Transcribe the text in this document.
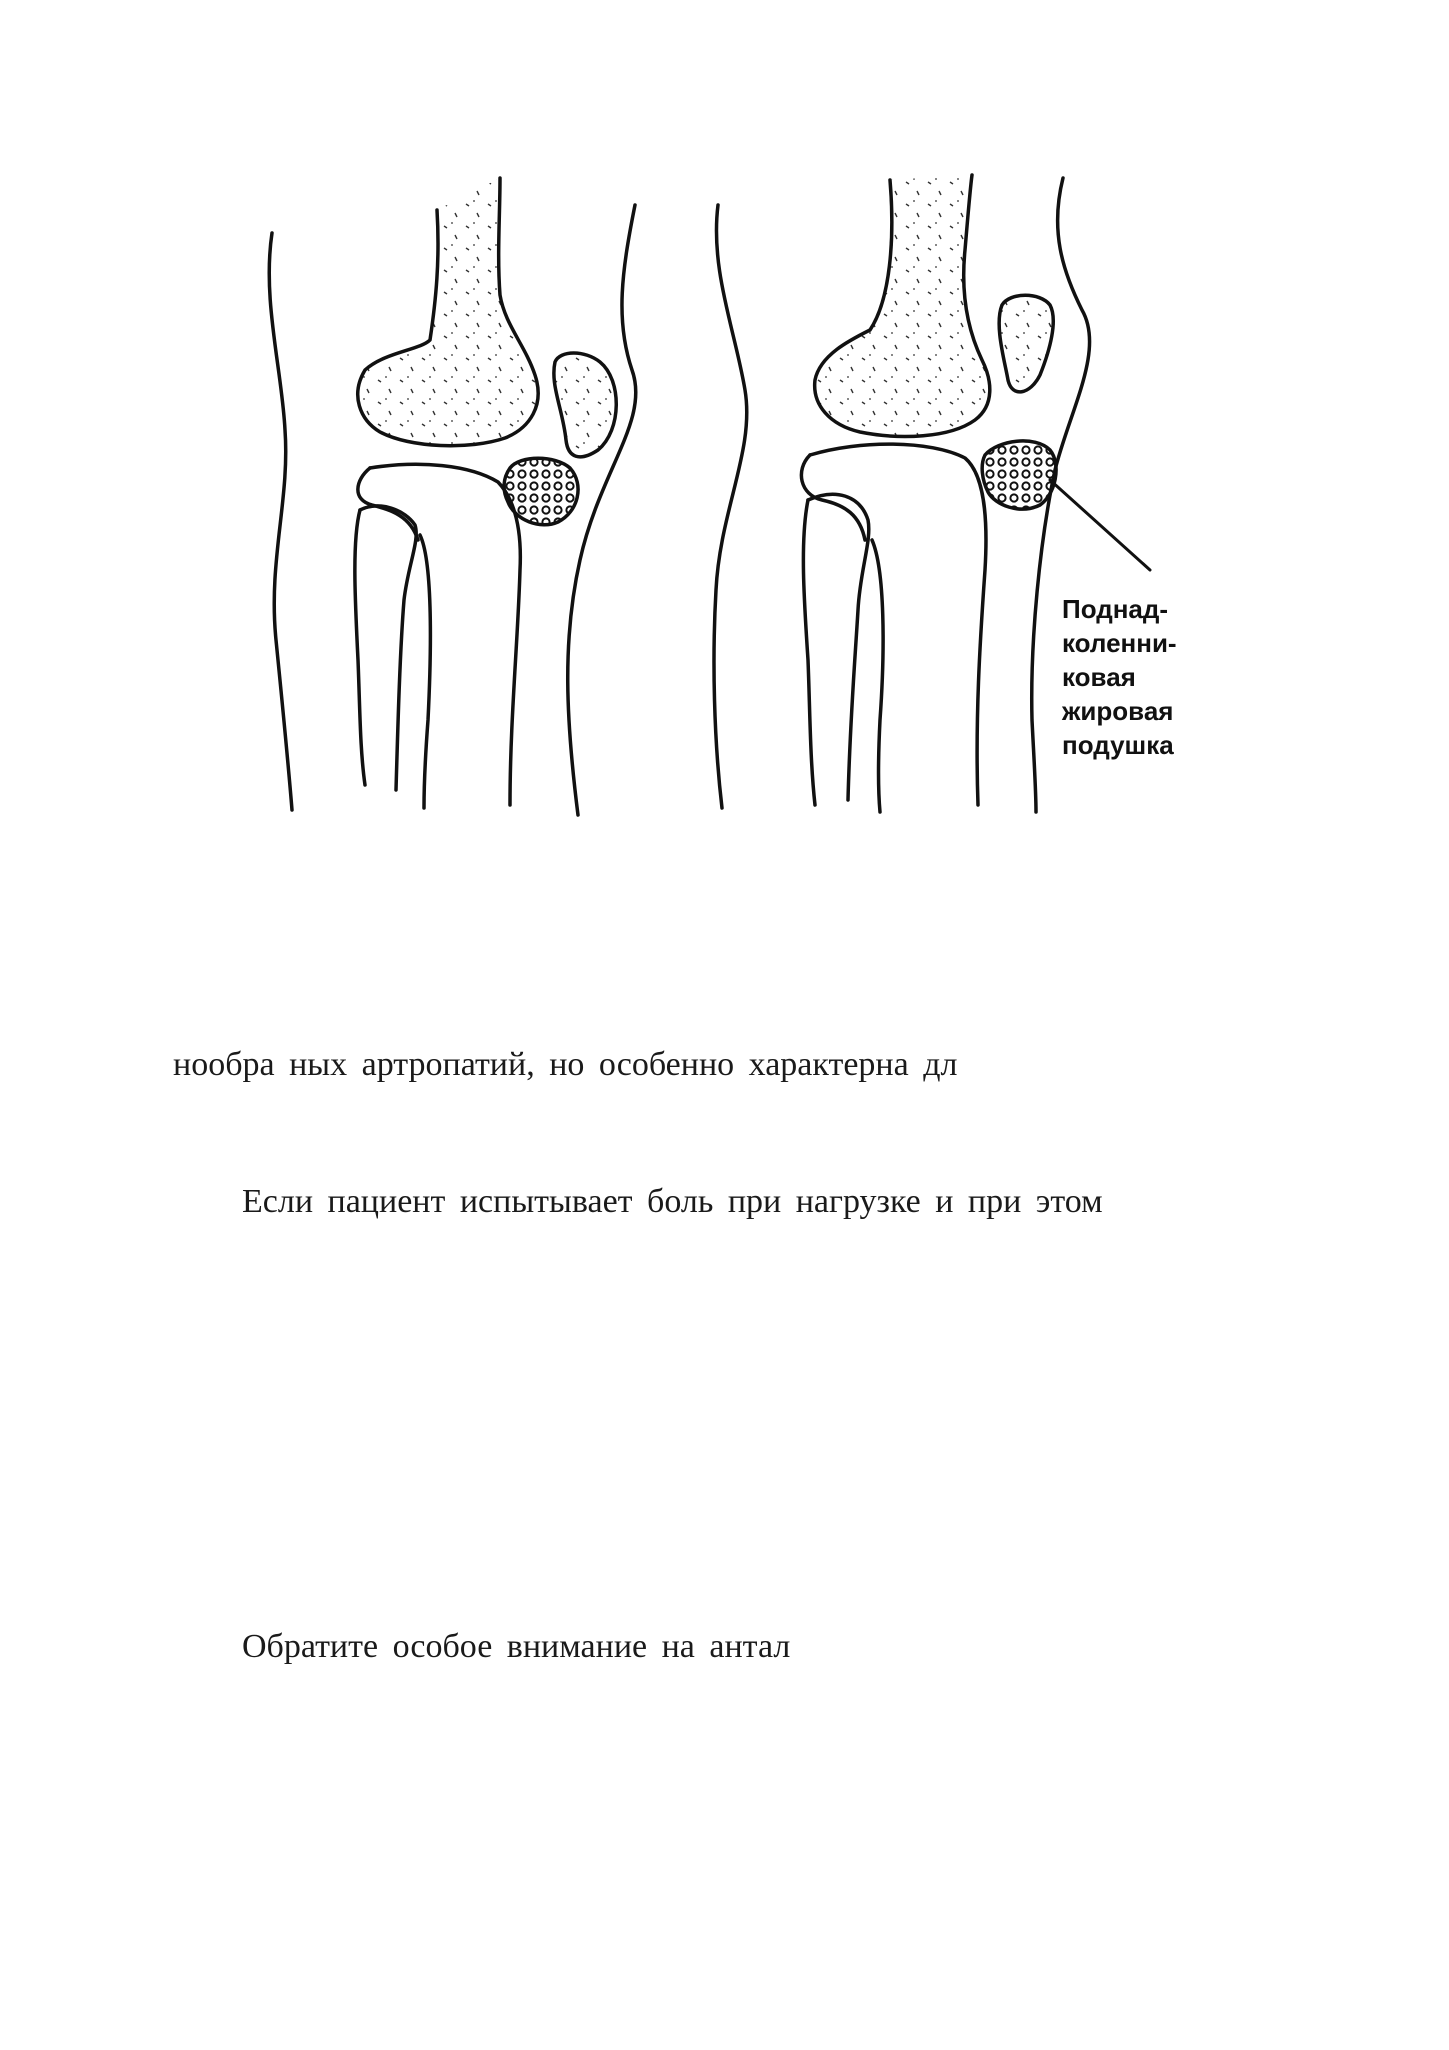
Поднад-
коленни-
ковая
жировая
подушка
нообра ных артропатий, но особенно характерна дл
Если пациент испытывает боль при нагрузке и при этом
Обратите особое внимание на антал
